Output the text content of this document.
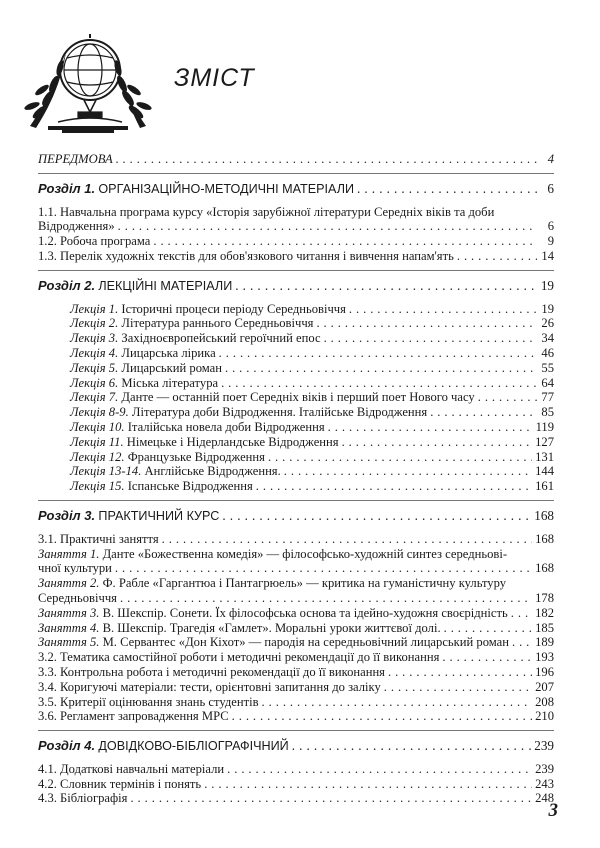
ЗМІСТ
ПЕРЕДМОВА . . .	4
Розділ 1. ОРГАНІЗАЦІЙНО-МЕТОДИЧНІ МАТЕРІАЛИ . . .	6
1.1. Навчальна програма курсу «Історія зарубіжної літератури Середніх віків та доби
Відродження» . . .	6
1.2. Робоча програма . . .	9
1.3. Перелік художніх текстів для обов'язкового читання і вивчення напам'ять . . .	14
Розділ 2. ЛЕКЦІЙНІ МАТЕРІАЛИ . . .	19
Лекція 1. Історичні процеси періоду Середньовіччя . . .	19
Лекція 2. Література раннього Середньовіччя . . .	26
Лекція 3. Західноєвропейський героїчний епос . . .	34
Лекція 4. Лицарська лірика . . .	46
Лекція 5. Лицарський роман . . .	55
Лекція 6. Міська література . . .	64
Лекція 7. Данте — останній поет Середніх віків і перший поет Нового часу . . .	77
Лекція 8-9. Література доби Відродження. Італійське Відродження . . .	85
Лекція 10. Італійська новела доби Відродження . . .	119
Лекція 11. Німецьке і Нідерландське Відродження . . .	127
Лекція 12. Французьке Відродження . . .	131
Лекція 13-14. Англійське Відродження. . . .	144
Лекція 15. Іспанське Відродження . . .	161
Розділ 3. ПРАКТИЧНИЙ КУРС . . .	168
3.1. Практичні заняття . . .	168
Заняття 1. Данте «Божественна комедія» — філософсько-художній синтез середньові-
чної культури . . .	168
Заняття 2. Ф. Рабле «Гаргантюа і Пантагрюель» — критика на гуманістичну культуру
Середньовіччя . . .	178
Заняття 3. В. Шекспір. Сонети. Їх філософська основа та ідейно-художня своєрідність . . . 182
Заняття 4. В. Шекспір. Трагедія «Гамлет». Моральні уроки життєвої долі. . . .	185
Заняття 5. М. Сервантес «Дон Кіхот» — пародія на середньовічний лицарський роман . . . 189
3.2. Тематика самостійної роботи і методичні рекомендації до її виконання . . .	193
3.3. Контрольна робота і методичні рекомендації до її виконання . . .	196
3.4. Коригуючі матеріали: тести, орієнтовні запитання до заліку . . .	207
3.5. Критерії оцінювання знань студентів . . .	208
3.6. Регламент запровадження МРС . . .	210
Розділ 4. ДОВІДКОВО-БІБЛІОГРАФІЧНИЙ . . .	239
4.1. Додаткові навчальні матеріали . . .	239
4.2. Словник термінів і понять . . .	243
4.3. Бібліографія . . .	248
3
